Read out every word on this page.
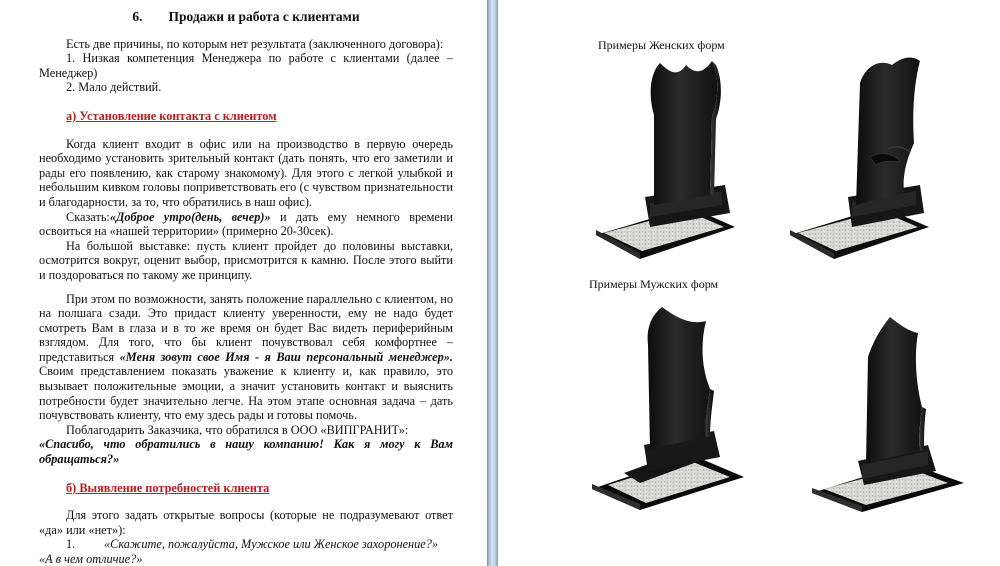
6. Продажи и работа с клиентами

Есть две причины, по которым нет результата (заключенного договора):

1. Низкая компетенция Менеджера по работе с клиентами (далее – Менеджер)

2. Мало действий.

а) Установление контакта с клиентом

Когда клиент входит в офис или на производство в первую очередь необходимо установить зрительный контакт (дать понять, что его заметили и рады его появлению, как старому знакомому). Для этого с легкой улыбкой и небольшим кивком головы поприветствовать его (с чувством признательности и благодарности, за то, что обратились в наш офис).

Сказать:«Доброе утро(день, вечер)» и дать ему немного времени освоиться на «нашей территории» (примерно 20-30сек).

На большой выставке: пусть клиент пройдет до половины выставки, осмотрится вокруг, оценит выбор, присмотрится к камню. После этого выйти и поздороваться по такому же принципу.

При этом по возможности, занять положение параллельно с клиентом, но на полшага сзади. Это придаст клиенту уверенности, ему не надо будет смотреть Вам в глаза и в то же время он будет Вас видеть периферийным взглядом. Для того, что бы клиент почувствовал себя комфортнее – представиться «Меня зовут свое Имя - я Ваш персональный менеджер». Своим представлением показать уважение к клиенту и, как правило, это вызывает положительные эмоции, а значит установить контакт и выяснить потребности будет значительно легче. На этом этапе основная задача – дать почувствовать клиенту, что ему здесь рады и готовы помочь.

Поблагодарить Заказчика, что обратился в ООО «ВИПГРАНИТ»:

«Спасибо, что обратились в нашу компанию! Как я могу к Вам обращаться?»

б) Выявление потребностей клиента

Для этого задать открытые вопросы (которые не подразумевают ответ «да» или «нет»):

1.	«Скажите, пожалуйста, Мужское или Женское захоронение?»

«А в чем отличие?»

Примеры Женских форм
Примеры Мужских форм
